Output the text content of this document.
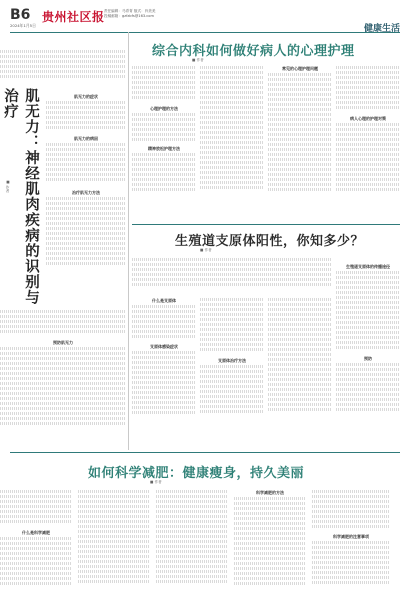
B6
2024年1月5日
贵州社区报 责任编辑：马青青 版式：肖美美
投稿邮箱：gzfzbfs@163.com
健康生活
肌无力：神经肌肉疾病的识别与治疗
■ 作者
肌无力的症状
肌无力的病因
治疗肌无力方法
预防肌无力
综合内科如何做好病人的心理护理
■ 作者
心理护理的方法
精神放松护理方法
常见的心理护理问题
病人心理的护理对策
生殖道支原体阳性，你知多少？
■ 作者
什么是支原体
支原体感染症状
支原体治疗方法
生殖道支原体的传播途径
预防
如何科学减肥：健康瘦身，持久美丽
■ 作者
什么是科学减肥
科学减肥的方法
科学减肥的注意事项
